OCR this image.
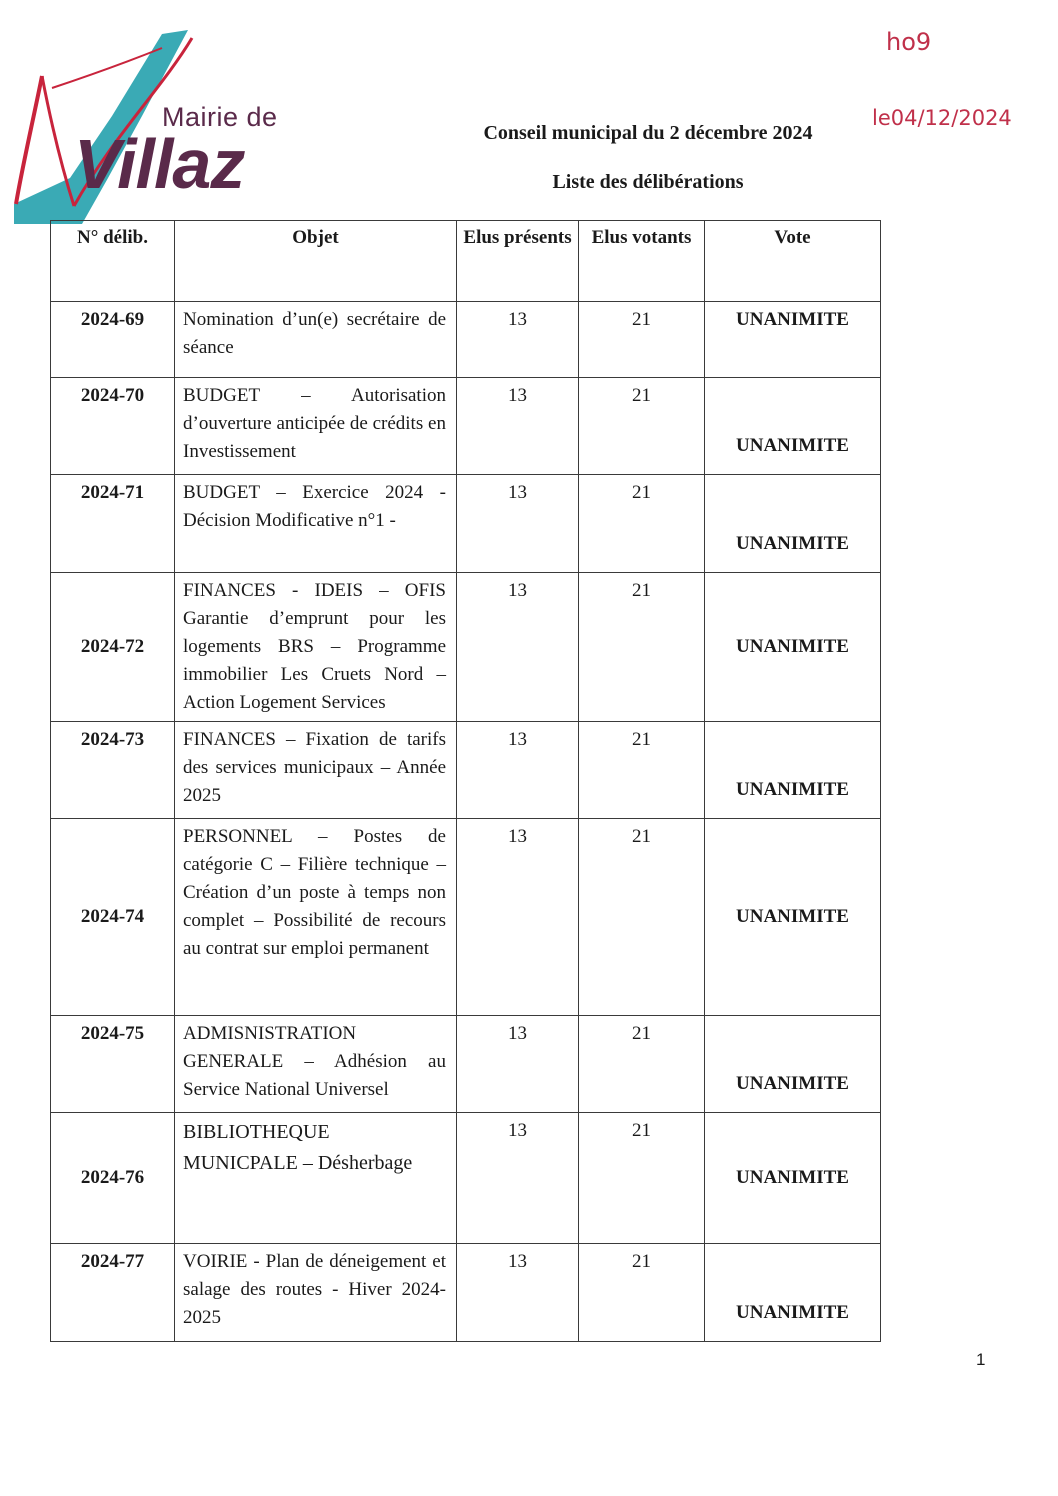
Mairie de
Villaz
ho9
le04/12/2024
Conseil municipal du 2 décembre 2024
Liste des délibérations
N° délib.	Objet	Elus présents	Elus votants	Vote
2024-69	Nomination d’un(e) secrétaire de séance	13	21	UNANIMITE
2024-70	BUDGET – Autorisation d’ouverture anticipée de crédits en Investissement	13	21	UNANIMITE
2024-71	BUDGET – Exercice 2024 - Décision Modificative n°1 -	13	21	UNANIMITE
2024-72	FINANCES - IDEIS – OFIS Garantie d’emprunt pour les logements BRS – Programme immobilier Les Cruets Nord – Action Logement Services	13	21	UNANIMITE
2024-73	FINANCES – Fixation de tarifs des services municipaux – Année 2025	13	21	UNANIMITE
2024-74	PERSONNEL – Postes de catégorie C – Filière technique – Création d’un poste à temps non complet – Possibilité de recours au contrat sur emploi permanent	13	21	UNANIMITE
2024-75	ADMISNISTRATION GENERALE – Adhésion au Service National Universel	13	21	UNANIMITE
2024-76	BIBLIOTHEQUE MUNICPALE – Désherbage	13	21	UNANIMITE
2024-77	VOIRIE - Plan de déneigement et salage des routes - Hiver 2024-2025	13	21	UNANIMITE
1
